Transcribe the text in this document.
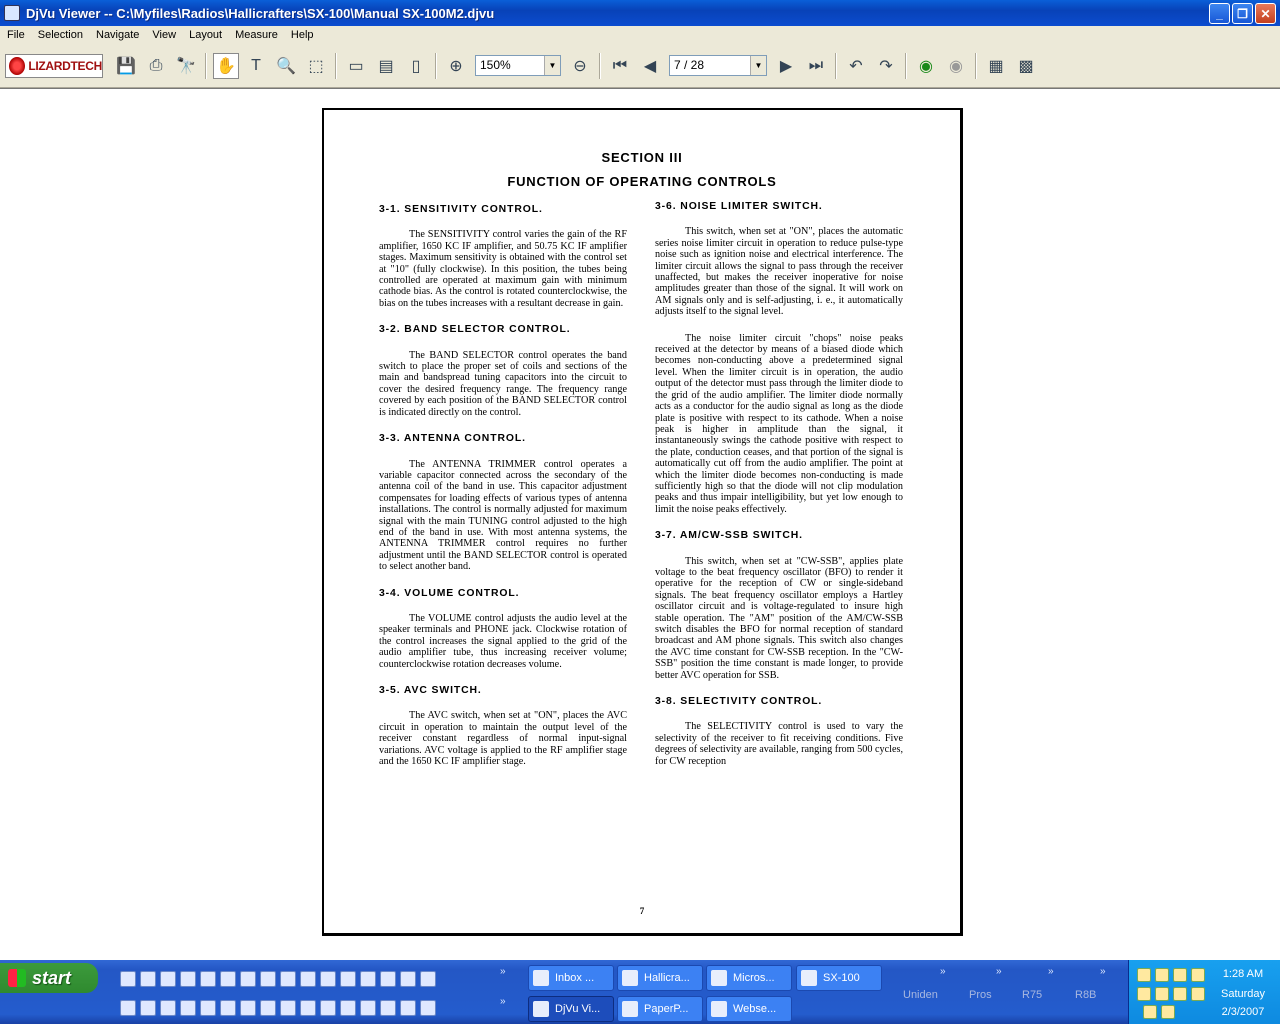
DjVu Viewer -- C:\Myfiles\Radios\Hallicrafters\SX-100\Manual SX-100M2.djvu	_	❐	✕
File	Selection	Navigate	View	Layout	Measure	Help
LIZARDTECH 💾 ⎙ 🔭 ✋ T 🔍 ⬚	▭ ▤	▯	⊕	150%	▼	⊖	⏮	◀	7 / 28	▼	▶	⏭	↶	↷	◉	◉	▦ ▩
SECTION III
FUNCTION OF OPERATING CONTROLS
3-1. SENSITIVITY CONTROL.

The SENSITIVITY control varies the gain of the RF amplifier, 1650 KC IF amplifier, and 50.75 KC IF amplifier stages. Maximum sensitivity is obtained with the control set at "10" (fully clockwise). In this position, the tubes being controlled are operated at maximum gain with minimum cathode bias. As the control is rotated counterclockwise, the bias on the tubes increases with a resultant decrease in gain.

3-2. BAND SELECTOR CONTROL.

The BAND SELECTOR control operates the band switch to place the proper set of coils and sections of the main and bandspread tuning capacitors into the circuit to cover the desired frequency range. The frequency range covered by each position of the BAND SELECTOR control is indicated directly on the control.

3-3. ANTENNA CONTROL.

The ANTENNA TRIMMER control operates a variable capacitor connected across the secondary of the antenna coil of the band in use. This capacitor adjustment compensates for loading effects of various types of antenna installations. The control is normally adjusted for maximum signal with the main TUNING control adjusted to the high end of the band in use. With most antenna systems, the ANTENNA TRIMMER control requires no further adjustment until the BAND SELECTOR control is operated to select another band.

3-4. VOLUME CONTROL.

The VOLUME control adjusts the audio level at the speaker terminals and PHONE jack. Clockwise rotation of the control increases the signal applied to the grid of the audio amplifier tube, thus increasing receiver volume; counterclockwise rotation decreases volume.

3-5. AVC SWITCH.

The AVC switch, when set at "ON", places the AVC circuit in operation to maintain the output level of the receiver constant regardless of normal input-signal variations. AVC voltage is applied to the RF amplifier stage and the 1650 KC IF amplifier stage.

3-6. NOISE LIMITER SWITCH.

This switch, when set at "ON", places the automatic series noise limiter circuit in operation to reduce pulse-type noise such as ignition noise and electrical interference. The limiter circuit allows the signal to pass through the receiver unaffected, but makes the receiver inoperative for noise amplitudes greater than those of the signal. It will work on AM signals only and is self-adjusting, i. e., it automatically adjusts itself to the signal level.

The noise limiter circuit "chops" noise peaks received at the detector by means of a biased diode which becomes non-conducting above a predetermined signal level. When the limiter circuit is in operation, the audio output of the detector must pass through the limiter diode to the grid of the audio amplifier. The limiter diode normally acts as a conductor for the audio signal as long as the diode plate is positive with respect to its cathode. When a noise peak is higher in amplitude than the signal, it instantaneously swings the cathode positive with respect to the plate, conduction ceases, and that portion of the signal is automatically cut off from the audio amplifier. The point at which the limiter diode becomes non-conducting is made sufficiently high so that the diode will not clip modulation peaks and thus impair intelligibility, but yet low enough to limit the noise peaks effectively.

3-7. AM/CW-SSB SWITCH.

This switch, when set at "CW-SSB", applies plate voltage to the beat frequency oscillator (BFO) to render it operative for the reception of CW or single-sideband signals. The beat frequency oscillator employs a Hartley oscillator circuit and is voltage-regulated to insure high stable operation. The "AM" position of the AM/CW-SSB switch disables the BFO for normal reception of standard broadcast and AM phone signals. This switch also changes the AVC time constant for CW-SSB reception. In the "CW-SSB" position the time constant is made longer, to provide better AVC operation for SSB.

3-8. SELECTIVITY CONTROL.

The SELECTIVITY control is used to vary the selectivity of the receiver to fit receiving conditions. Five degrees of selectivity are available, ranging from 500 cycles, for CW reception

7
start	»
»
Inbox ...	Hallicra...	Micros...	SX-100
DjVu Vi...	PaperP...	Webse...
»	»	»	»
Uniden	Pros	R75	R8B
1:28 AM
Saturday
2/3/2007
